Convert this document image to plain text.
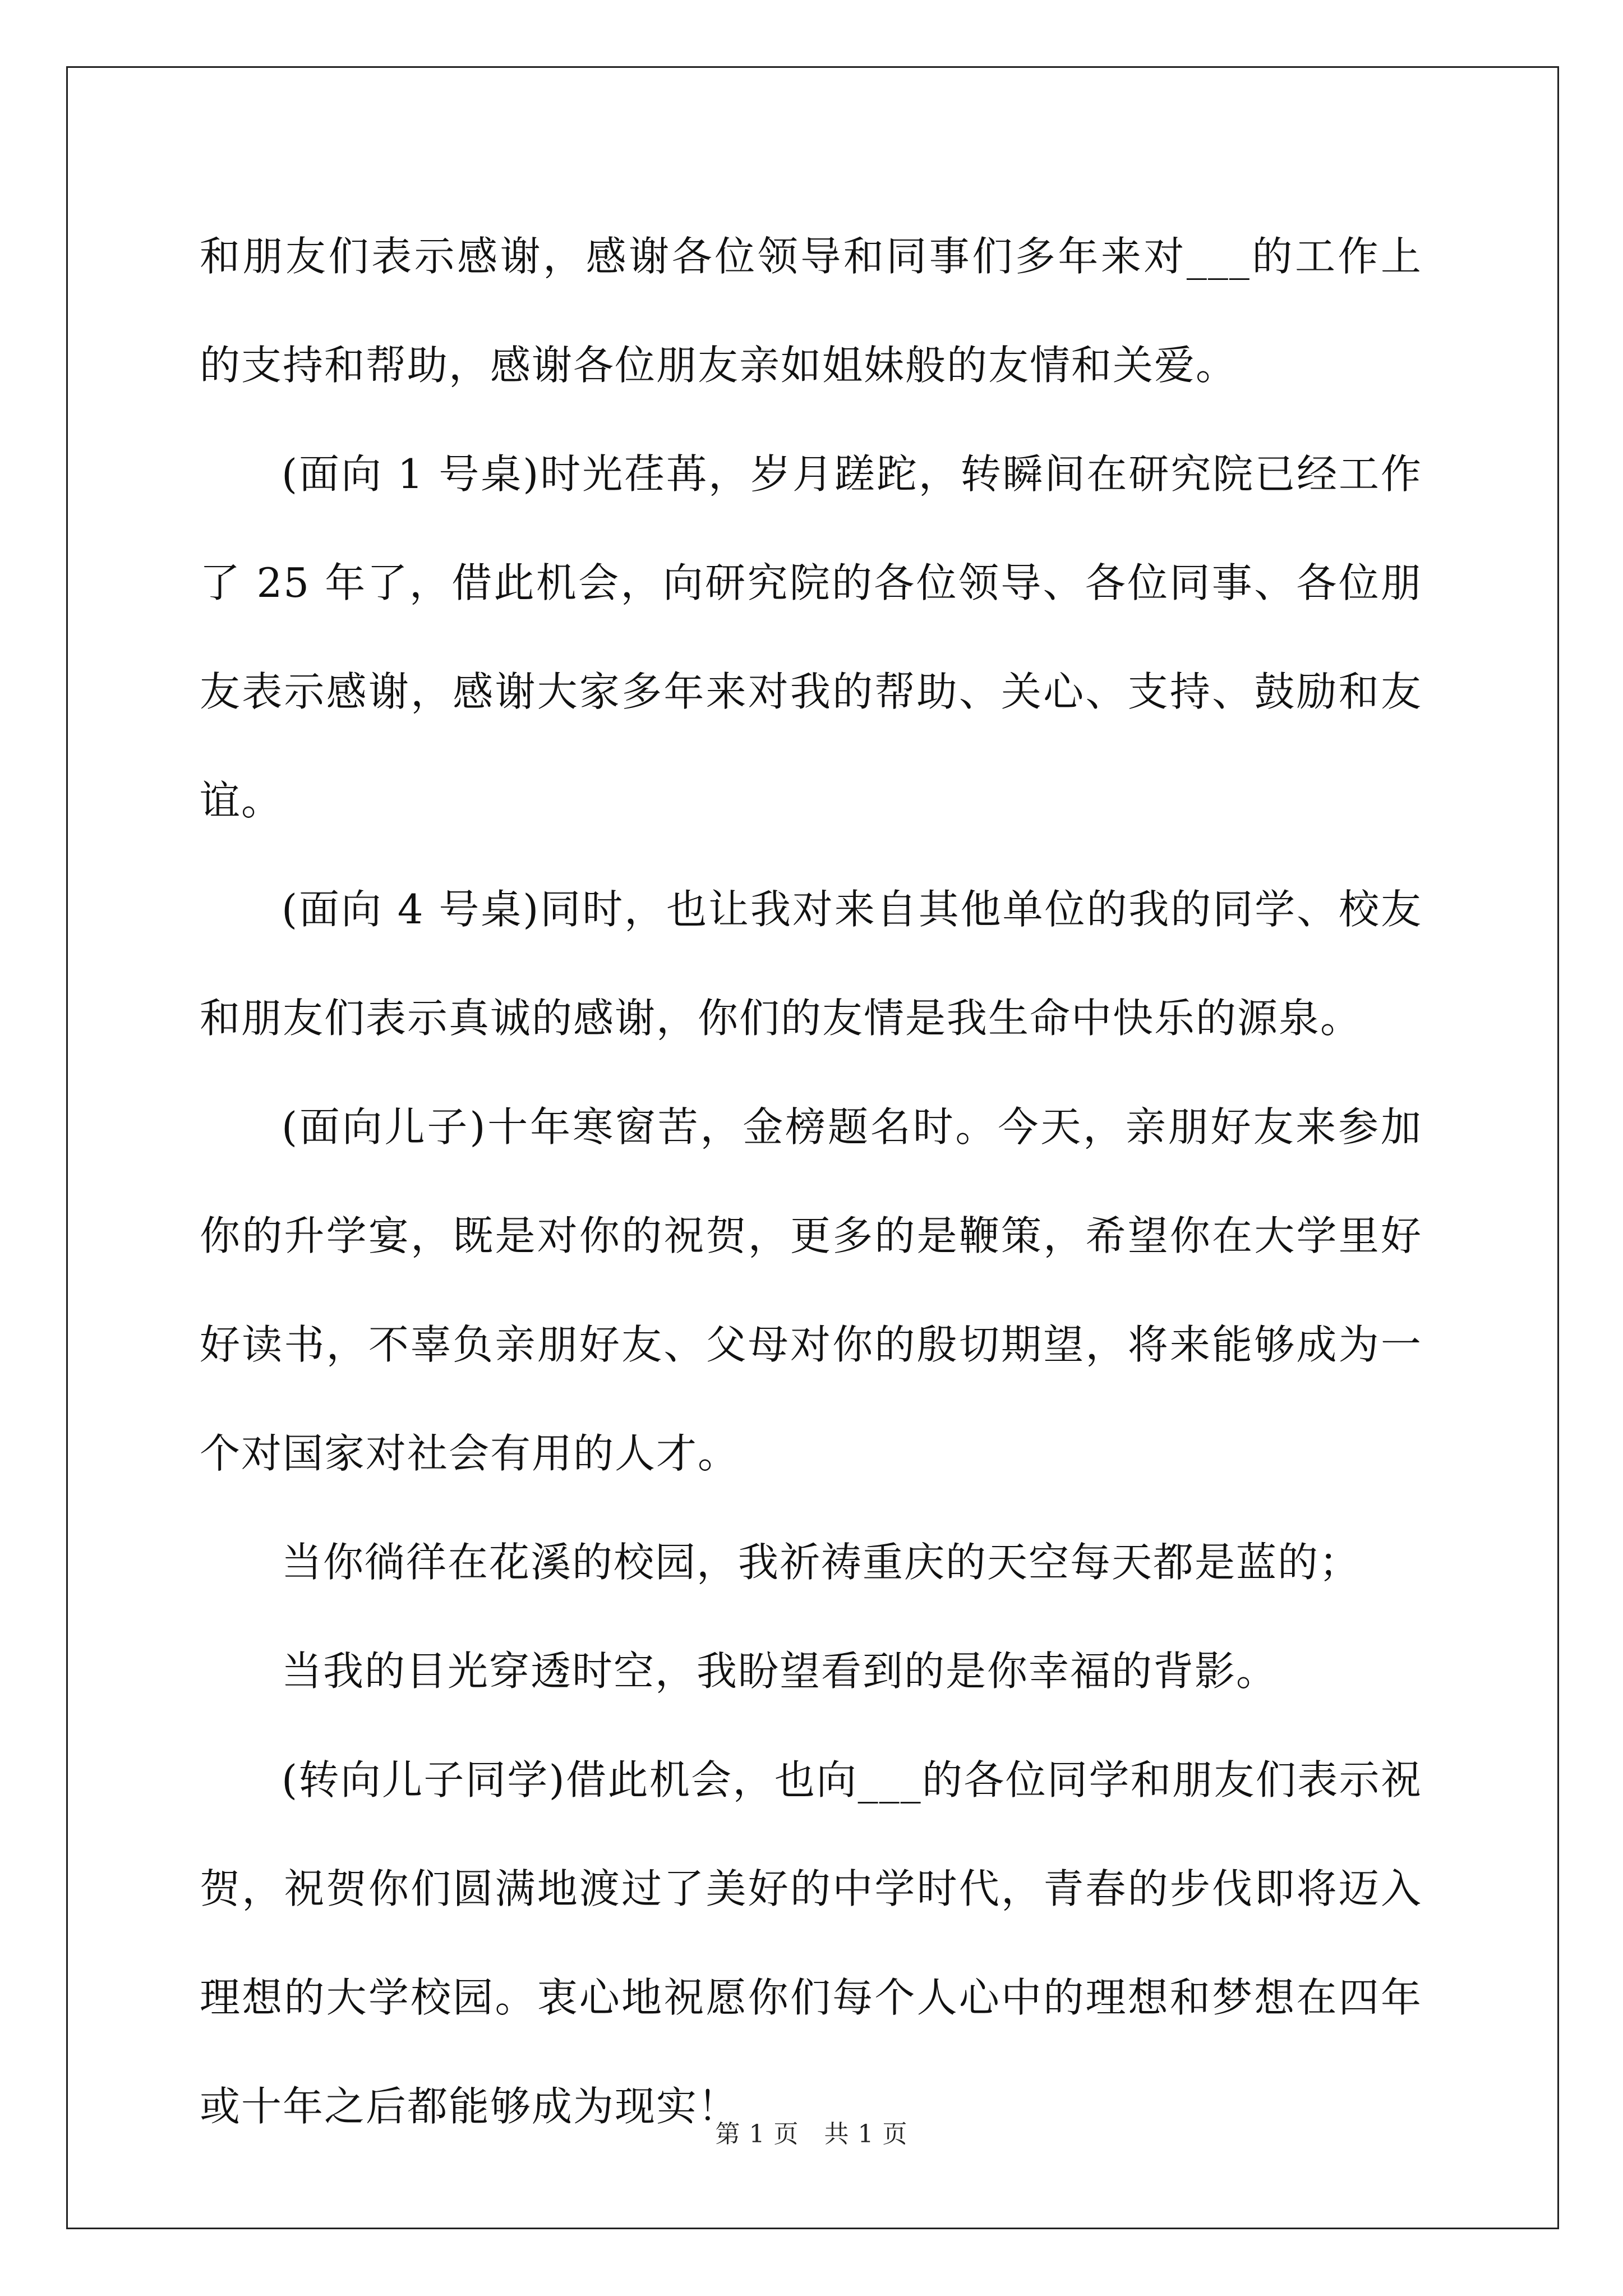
和朋友们表示感谢，感谢各位领导和同事们多年来对___的工作上的支持和帮助，感谢各位朋友亲如姐妹般的友情和关爱。

(面向 1 号桌)时光荏苒，岁月蹉跎，转瞬间在研究院已经工作了 25 年了，借此机会，向研究院的各位领导、各位同事、各位朋友表示感谢，感谢大家多年来对我的帮助、关心、支持、鼓励和友谊。

(面向 4 号桌)同时，也让我对来自其他单位的我的同学、校友和朋友们表示真诚的感谢，你们的友情是我生命中快乐的源泉。

(面向儿子)十年寒窗苦，金榜题名时。今天，亲朋好友来参加你的升学宴，既是对你的祝贺，更多的是鞭策，希望你在大学里好好读书，不辜负亲朋好友、父母对你的殷切期望，将来能够成为一个对国家对社会有用的人才。

当你徜徉在花溪的校园，我祈祷重庆的天空每天都是蓝的；

当我的目光穿透时空，我盼望看到的是你幸福的背影。

(转向儿子同学)借此机会，也向___的各位同学和朋友们表示祝贺，祝贺你们圆满地渡过了美好的中学时代，青春的步伐即将迈入理想的大学校园。衷心地祝愿你们每个人心中的理想和梦想在四年或十年之后都能够成为现实！

第 1 页　共 1 页
